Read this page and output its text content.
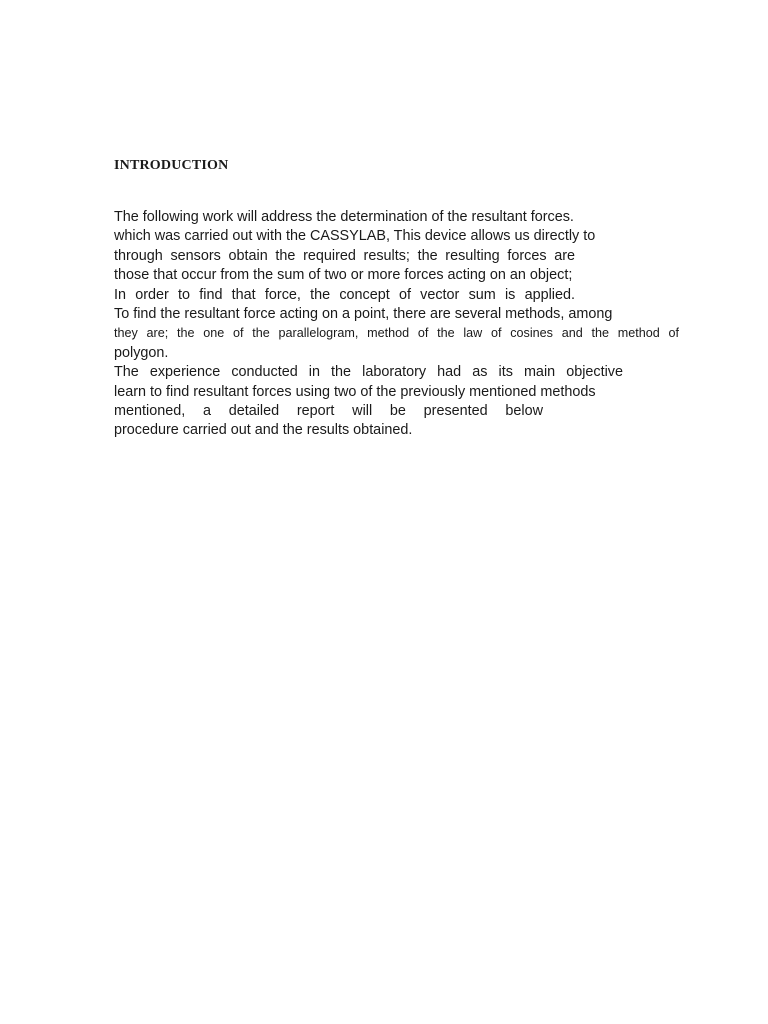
INTRODUCTION
The following work will address the determination of the resultant forces.
which was carried out with the CASSYLAB, This device allows us directly to
through sensors obtain the required results; the resulting forces are
those that occur from the sum of two or more forces acting on an object;
In order to find that force, the concept of vector sum is applied.
To find the resultant force acting on a point, there are several methods, among
they are; the one of the parallelogram, method of the law of cosines and the method of
polygon.
The experience conducted in the laboratory had as its main objective
learn to find resultant forces using two of the previously mentioned methods
mentioned, a detailed report will be presented below
procedure carried out and the results obtained.
